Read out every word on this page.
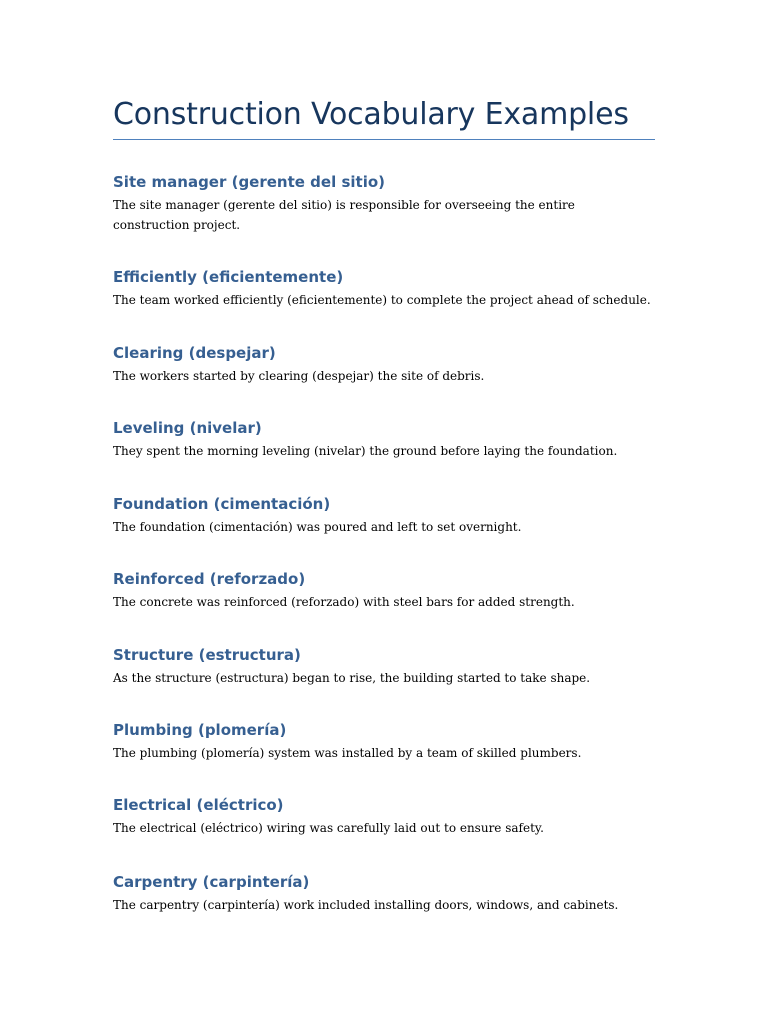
Construction Vocabulary Examples
Site manager (gerente del sitio)

The site manager (gerente del sitio) is responsible for overseeing the entire construction project.

Efficiently (eficientemente)

The team worked efficiently (eficientemente) to complete the project ahead of schedule.

Clearing (despejar)

The workers started by clearing (despejar) the site of debris.

Leveling (nivelar)

They spent the morning leveling (nivelar) the ground before laying the foundation.

Foundation (cimentación)

The foundation (cimentación) was poured and left to set overnight.

Reinforced (reforzado)

The concrete was reinforced (reforzado) with steel bars for added strength.

Structure (estructura)

As the structure (estructura) began to rise, the building started to take shape.

Plumbing (plomería)

The plumbing (plomería) system was installed by a team of skilled plumbers.

Electrical (eléctrico)

The electrical (eléctrico) wiring was carefully laid out to ensure safety.

Carpentry (carpintería)

The carpentry (carpintería) work included installing doors, windows, and cabinets.
